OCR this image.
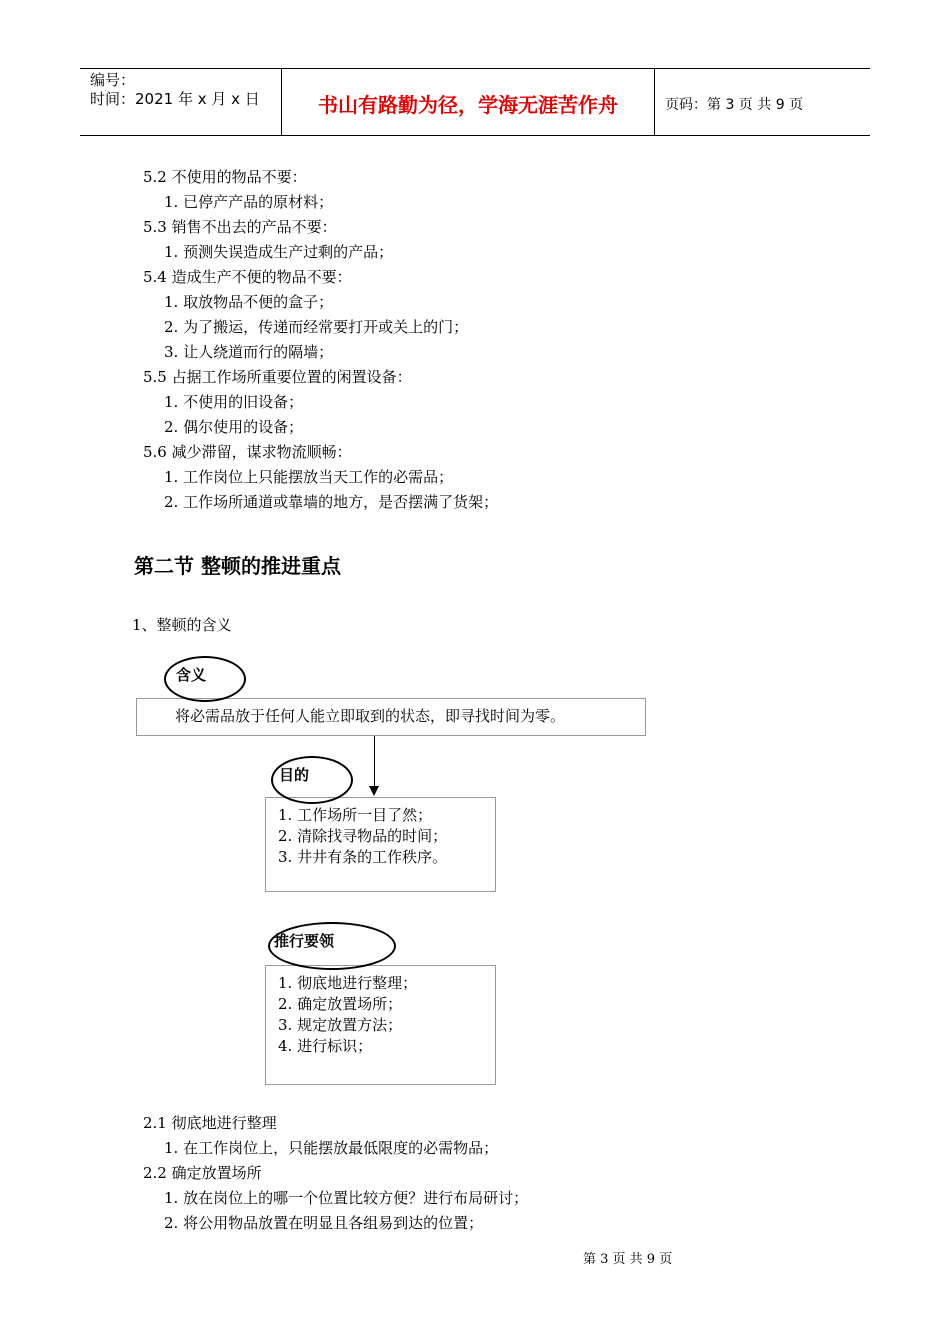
编号：
时间：2021 年 x 月 x 日	书山有路勤为径，学海无涯苦作舟	页码：第 3 页 共 9 页
5.2 不使用的物品不要：
1. 已停产产品的原材料；
5.3 销售不出去的产品不要：
1. 预测失误造成生产过剩的产品；
5.4 造成生产不便的物品不要：
1. 取放物品不便的盒子；
2. 为了搬运，传递而经常要打开或关上的门；
3. 让人绕道而行的隔墙；
5.5 占据工作场所重要位置的闲置设备：
1. 不使用的旧设备；
2. 偶尔使用的设备；
5.6 减少滞留，谋求物流顺畅：
1. 工作岗位上只能摆放当天工作的必需品；
2. 工作场所通道或靠墙的地方，是否摆满了货架；
第二节 整顿的推进重点
1、整顿的含义
将必需品放于任何人能立即取到的状态，即寻找时间为零。
含义
1. 工作场所一目了然；
2. 清除找寻物品的时间；
3. 井井有条的工作秩序。
目的
1. 彻底地进行整理；
2. 确定放置场所；
3. 规定放置方法；
4. 进行标识；
推行要领
2.1 彻底地进行整理
1. 在工作岗位上，只能摆放最低限度的必需物品；
2.2 确定放置场所
1. 放在岗位上的哪一个位置比较方便？进行布局研讨；
2. 将公用物品放置在明显且各组易到达的位置；
第 3 页 共 9 页
